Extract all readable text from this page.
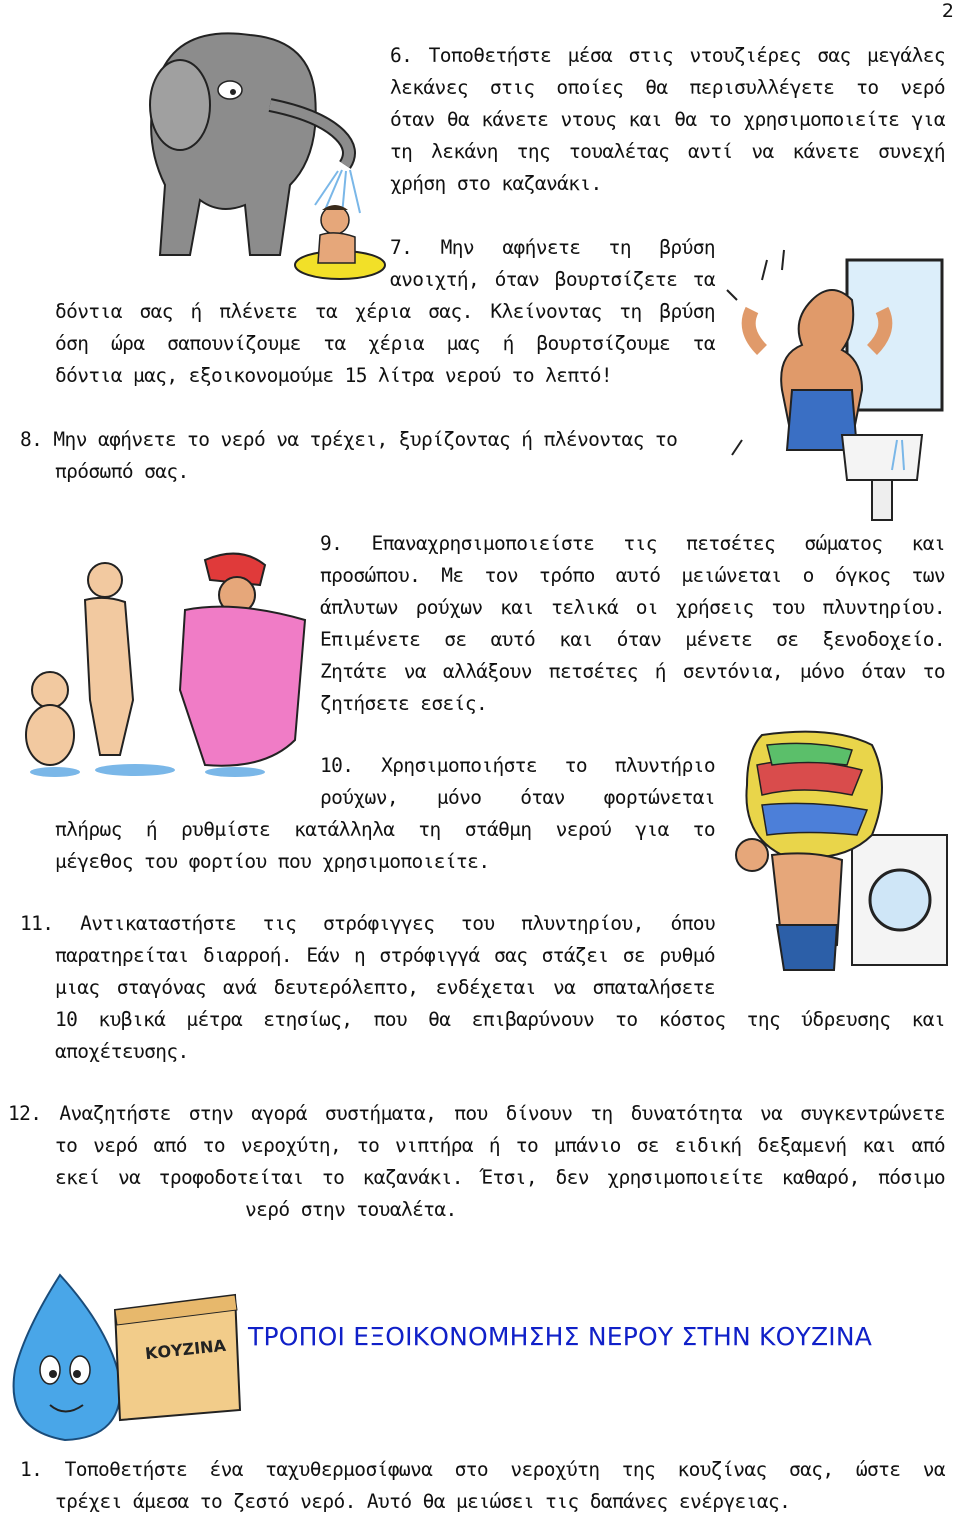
2
6. Τοποθετήστε μέσα στις ντουζιέρες σας μεγάλες
λεκάνες στις οποίες θα περισυλλέγετε το νερό
όταν θα κάνετε ντους και θα το χρησιμοποιείτε για
τη λεκάνη της τουαλέτας αντί να κάνετε συνεχή
χρήση στο καζανάκι.
7. Μην αφήνετε τη βρύση
ανοιχτή, όταν βουρτσίζετε τα
δόντια σας ή πλένετε τα χέρια σας. Κλείνοντας τη βρύση
όση ώρα σαπουνίζουμε τα χέρια μας ή βουρτσίζουμε τα
δόντια μας, εξοικονομούμε 15 λίτρα νερού το λεπτό!
8. Μην αφήνετε το νερό να τρέχει, ξυρίζοντας ή πλένοντας το
πρόσωπό σας.
9. Επαναχρησιμοποιείστε τις πετσέτες σώματος και
προσώπου. Με τον τρόπο αυτό μειώνεται ο όγκος των
άπλυτων ρούχων και τελικά οι χρήσεις του πλυντηρίου.
Επιμένετε σε αυτό και όταν μένετε σε ξενοδοχείο.
Ζητάτε να αλλάξουν πετσέτες ή σεντόνια, μόνο όταν το
ζητήσετε εσείς.
10. Χρησιμοποιήστε το πλυντήριο
ρούχων, μόνο όταν φορτώνεται
πλήρως ή ρυθμίστε κατάλληλα τη στάθμη νερού για το
μέγεθος του φορτίου που χρησιμοποιείτε.
11. Αντικαταστήστε τις στρόφιγγες του πλυντηρίου, όπου
παρατηρείται διαρροή. Εάν η στρόφιγγά σας στάζει σε ρυθμό
μιας σταγόνας ανά δευτερόλεπτο, ενδέχεται να σπαταλήσετε
10 κυβικά μέτρα ετησίως, που θα επιβαρύνουν το κόστος της ύδρευσης και
αποχέτευσης.
12. Αναζητήστε στην αγορά συστήματα, που δίνουν τη δυνατότητα να συγκεντρώνετε
το νερό από το νεροχύτη, το νιπτήρα ή το μπάνιο σε ειδική δεξαμενή και από
εκεί να τροφοδοτείται το καζανάκι. Έτσι, δεν χρησιμοποιείτε καθαρό, πόσιμο
νερό στην τουαλέτα.
ΚΟΥΖΙΝΑ ΤΡΟΠΟΙ ΕΞΟΙΚΟΝΟΜΗΣΗΣ ΝΕΡΟΥ ΣΤΗΝ ΚΟΥΖΙΝΑ
1. Τοποθετήστε ένα ταχυθερμοσίφωνα στο νεροχύτη της κουζίνας σας, ώστε να
τρέχει άμεσα το ζεστό νερό. Αυτό θα μειώσει τις δαπάνες ενέργειας.
